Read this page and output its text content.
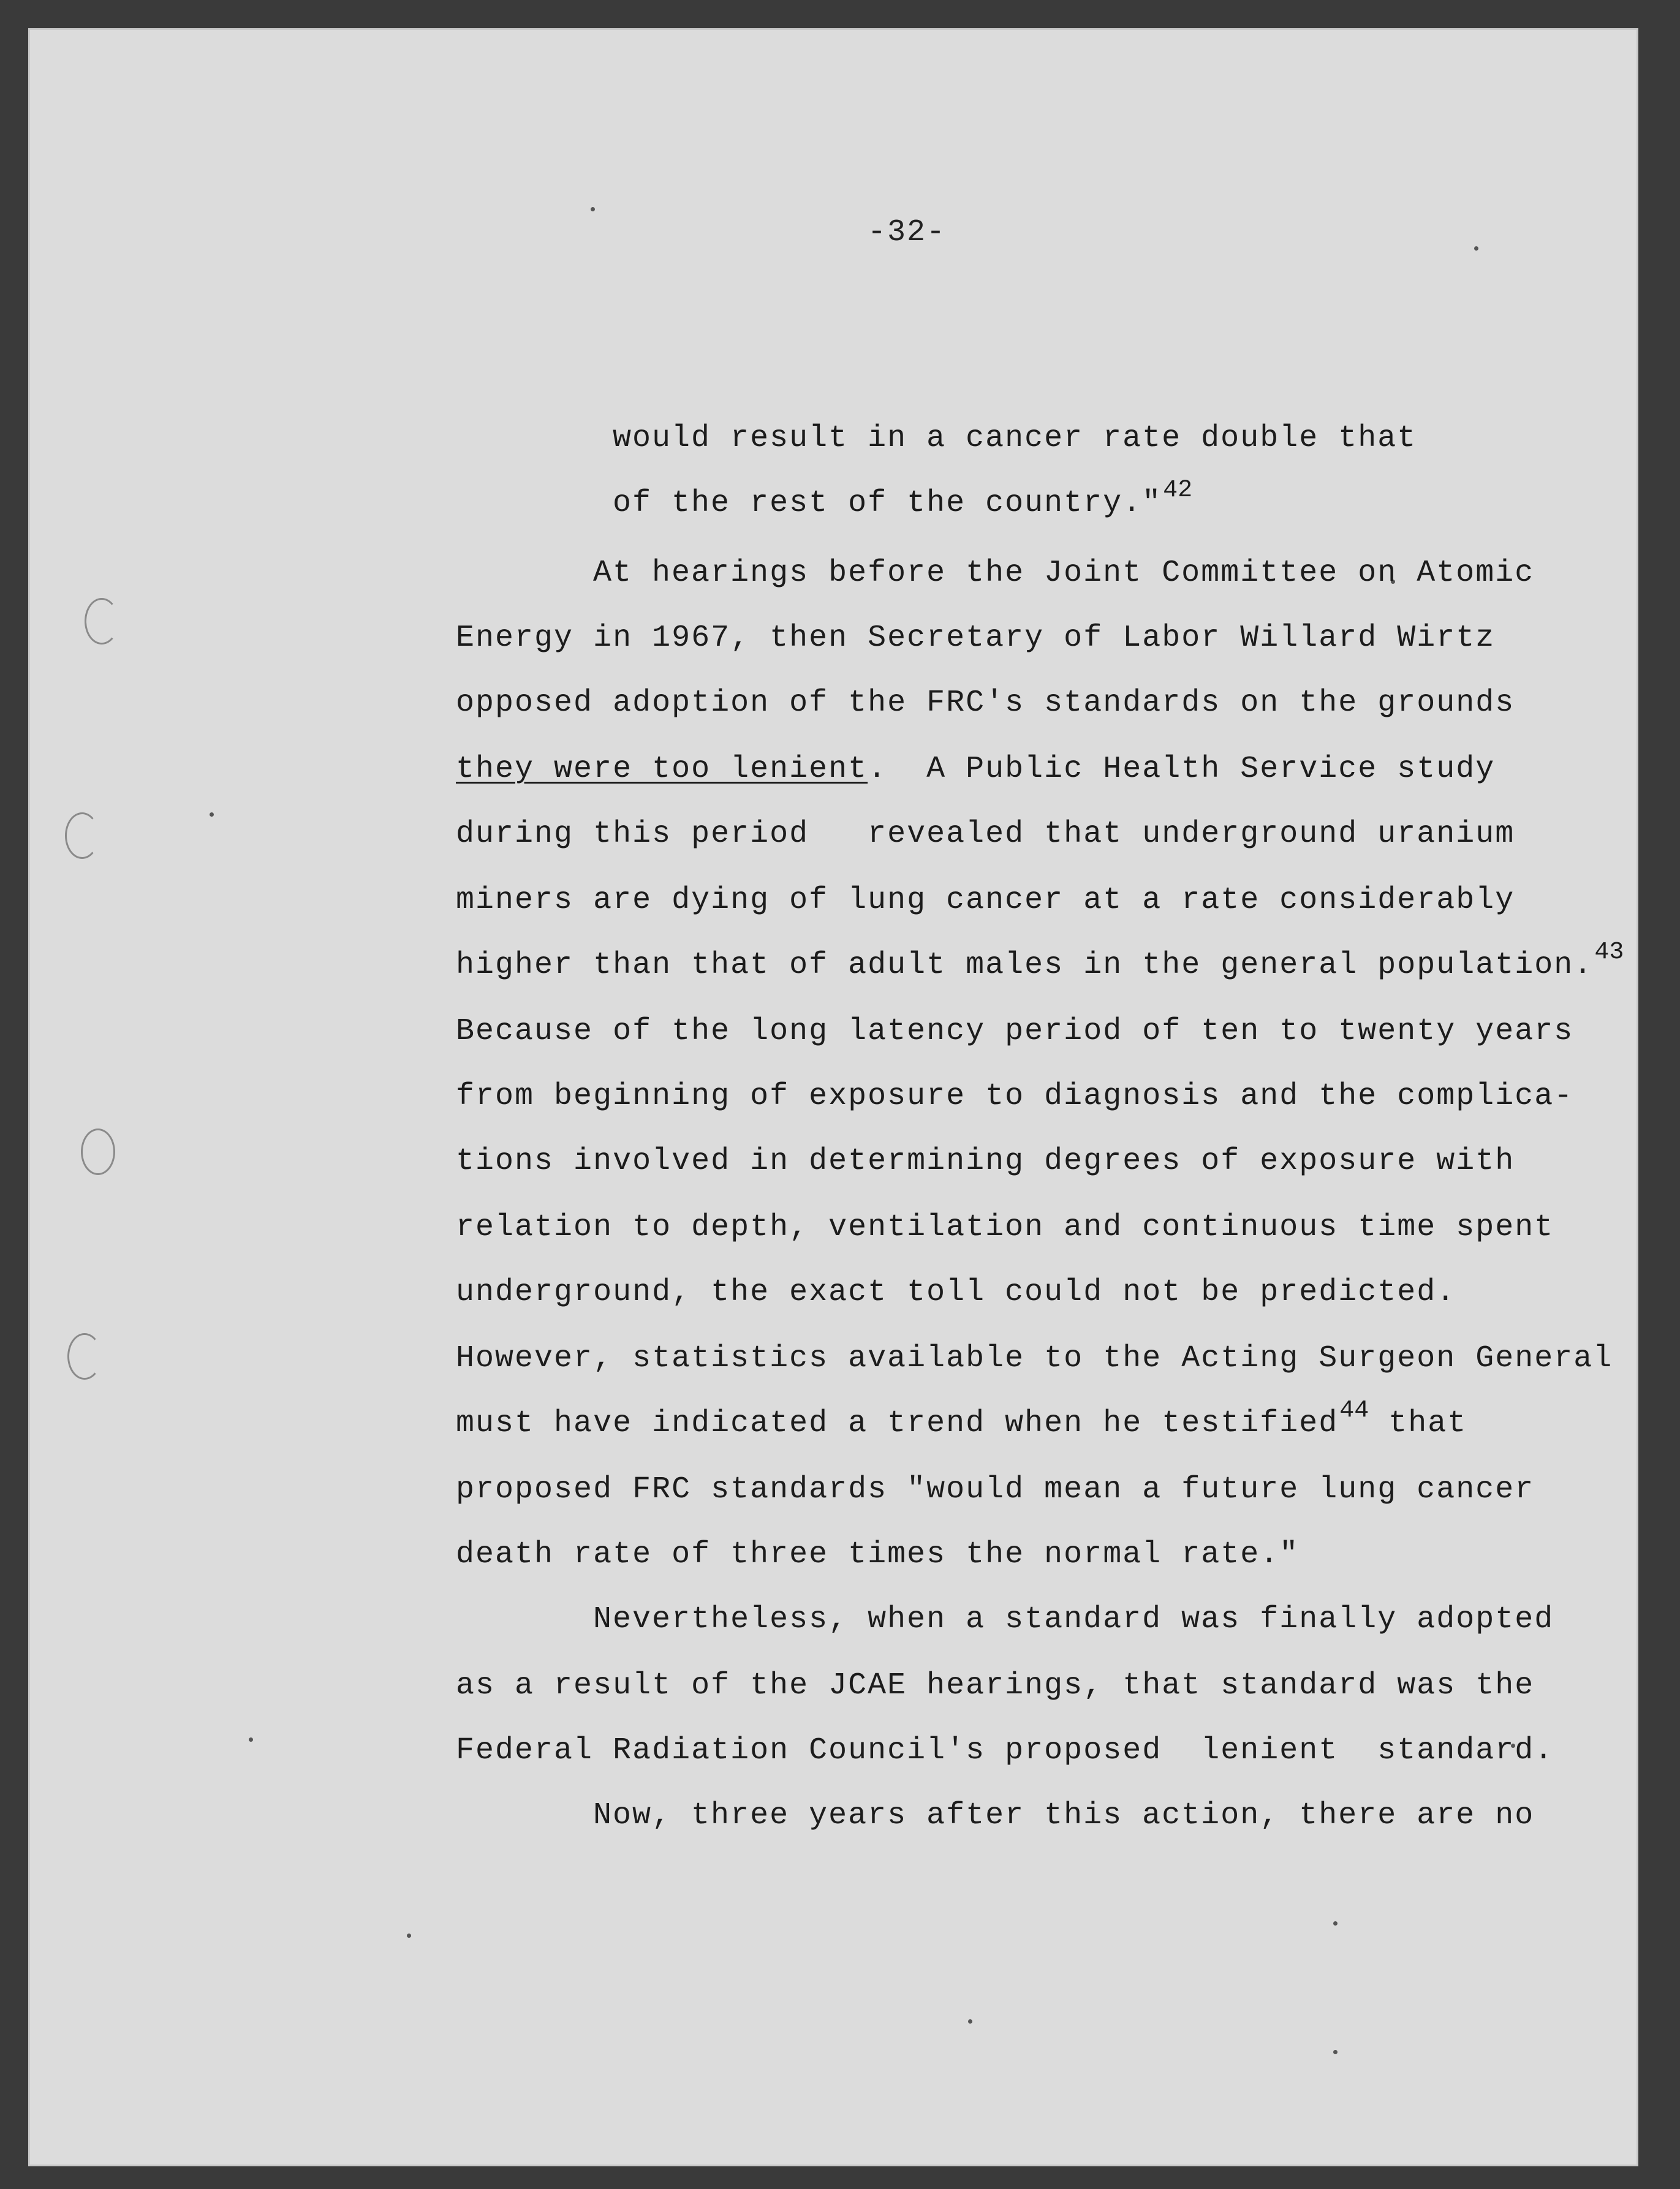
-32-

would result in a cancer rate double that

of the rest of the country."$^{42}$

At hearings before the Joint Committee on Atomic

Energy in 1967, then Secretary of Labor Willard Wirtz

opposed adoption of the FRC's standards on the grounds

they were too lenient.  A Public Health Service study

during this period   revealed that underground uranium

miners are dying of lung cancer at a rate considerably

higher than that of adult males in the general population.$^{43}$

Because of the long latency period of ten to twenty years

from beginning of exposure to diagnosis and the complica-

tions involved in determining degrees of exposure with

relation to depth, ventilation and continuous time spent

underground, the exact toll could not be predicted.

However, statistics available to the Acting Surgeon General

must have indicated a trend when he testified$^{44}$ that

proposed FRC standards "would mean a future lung cancer

death rate of three times the normal rate."

Nevertheless, when a standard was finally adopted

as a result of the JCAE hearings, that standard was the

Federal Radiation Council's proposed  lenient  standard.

Now, three years after this action, there are no
